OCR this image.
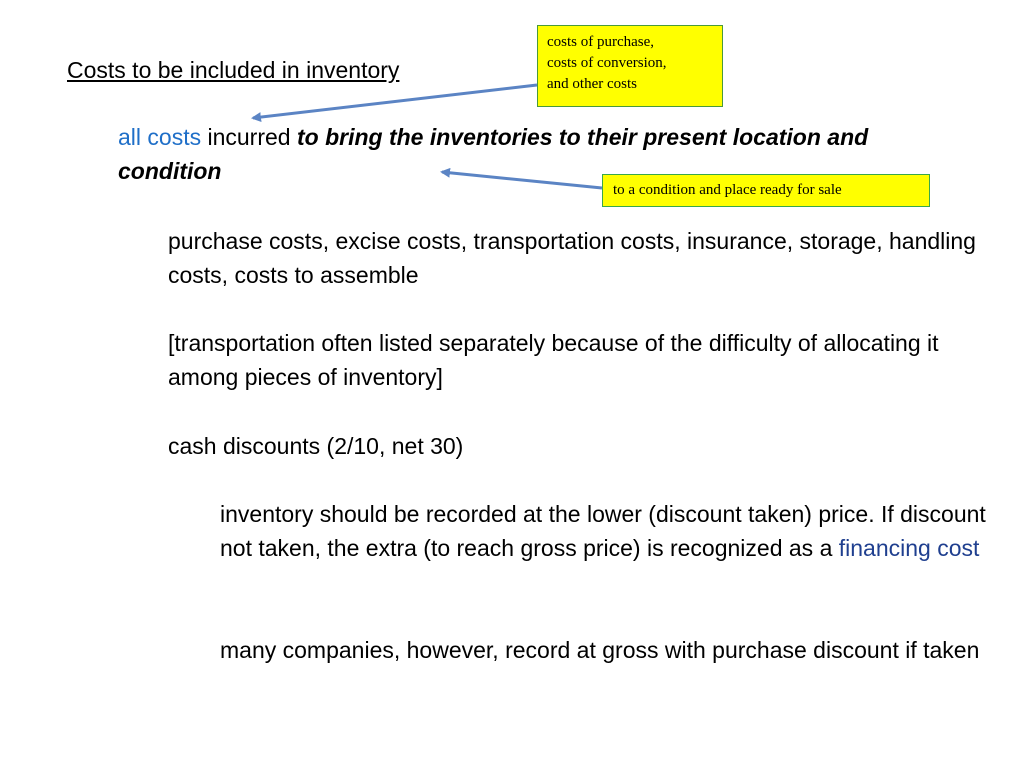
Costs to be included in inventory

all costs incurred to bring the inventories to their present location and condition

purchase costs, excise costs, transportation costs, insurance, storage, handling costs, costs to assemble

[transportation often listed separately because of the difficulty of allocating it among pieces of inventory]

cash discounts (2/10, net 30)

inventory should be recorded at the lower (discount taken) price. If discount not taken, the extra (to reach gross price) is recognized as a financing cost

many companies, however, record at gross with purchase discount if taken

costs of purchase,
costs of conversion,
and other costs
to a condition and place ready for sale
